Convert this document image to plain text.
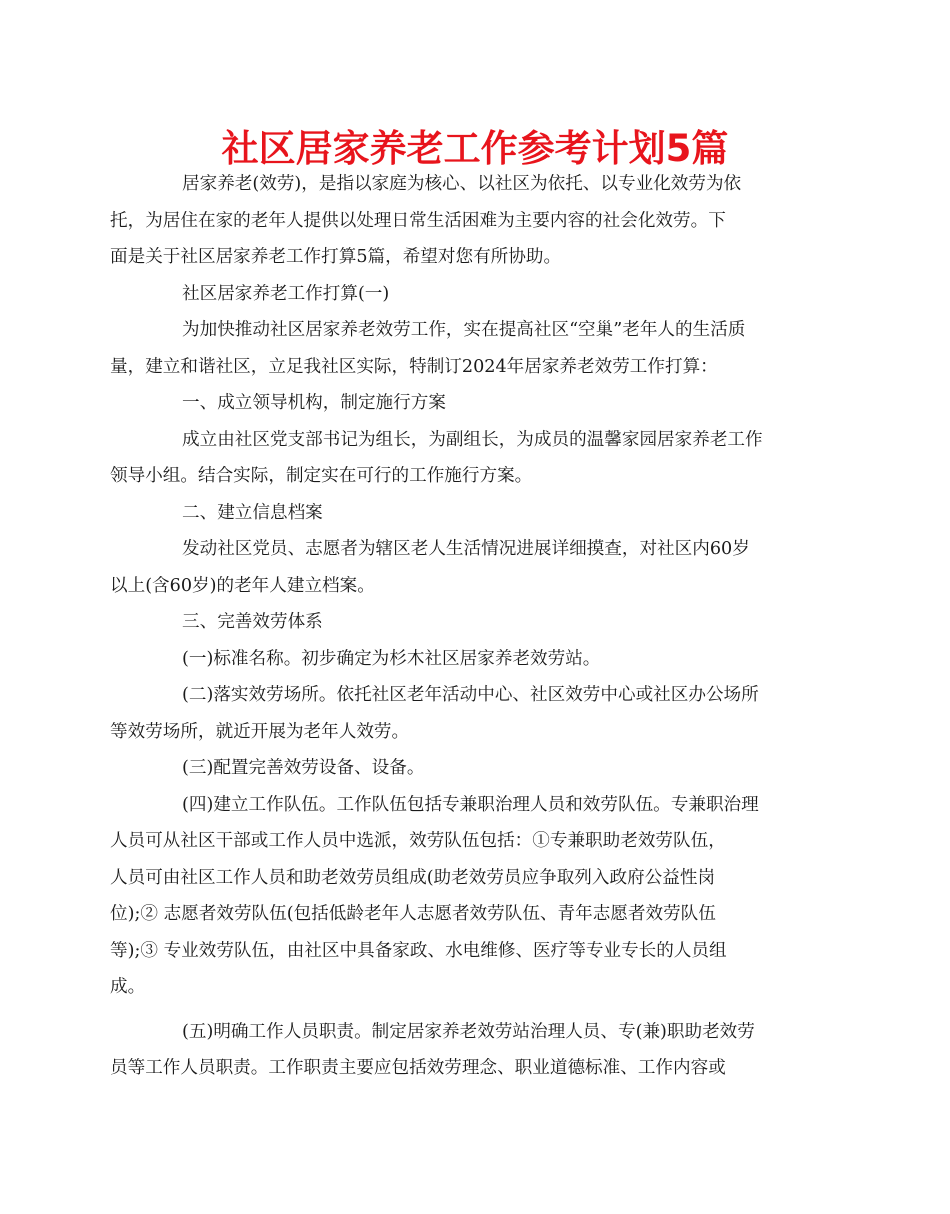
社区居家养老工作参考计划5篇

居家养老(效劳)，是指以家庭为核心、以社区为依托、以专业化效劳为依
托，为居住在家的老年人提供以处理日常生活困难为主要内容的社会化效劳。下
面是关于社区居家养老工作打算5篇，希望对您有所协助。

社区居家养老工作打算(一)

为加快推动社区居家养老效劳工作，实在提高社区“空巢”老年人的生活质
量，建立和谐社区，立足我社区实际，特制订2024年居家养老效劳工作打算：

一、成立领导机构，制定施行方案

成立由社区党支部书记为组长，为副组长，为成员的温馨家园居家养老工作
领导小组。结合实际，制定实在可行的工作施行方案。

二、建立信息档案

发动社区党员、志愿者为辖区老人生活情况进展详细摸查，对社区内60岁
以上(含60岁)的老年人建立档案。

三、完善效劳体系

(一)标准名称。初步确定为杉木社区居家养老效劳站。

(二)落实效劳场所。依托社区老年活动中心、社区效劳中心或社区办公场所
等效劳场所，就近开展为老年人效劳。

(三)配置完善效劳设备、设备。

(四)建立工作队伍。工作队伍包括专兼职治理人员和效劳队伍。专兼职治理
人员可从社区干部或工作人员中选派，效劳队伍包括：①专兼职助老效劳队伍，
人员可由社区工作人员和助老效劳员组成(助老效劳员应争取列入政府公益性岗
位);② 志愿者效劳队伍(包括低龄老年人志愿者效劳队伍、青年志愿者效劳队伍
等);③ 专业效劳队伍，由社区中具备家政、水电维修、医疗等专业专长的人员组
成。

(五)明确工作人员职责。制定居家养老效劳站治理人员、专(兼)职助老效劳
员等工作人员职责。工作职责主要应包括效劳理念、职业道德标准、工作内容或
